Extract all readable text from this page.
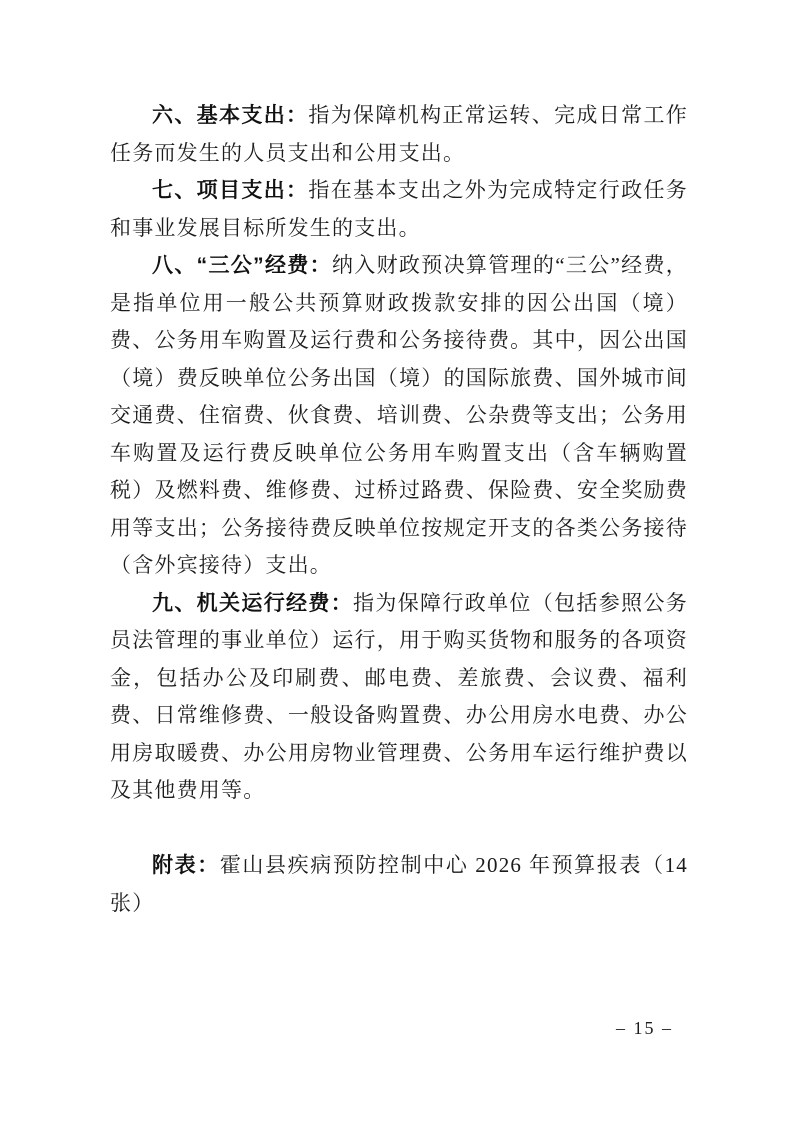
六、基本支出：指为保障机构正常运转、完成日常工作任务而发生的人员支出和公用支出。

七、项目支出：指在基本支出之外为完成特定行政任务和事业发展目标所发生的支出。

八、“三公”经费：纳入财政预决算管理的“三公”经费，是指单位用一般公共预算财政拨款安排的因公出国（境）费、公务用车购置及运行费和公务接待费。其中，因公出国（境）费反映单位公务出国（境）的国际旅费、国外城市间交通费、住宿费、伙食费、培训费、公杂费等支出；公务用车购置及运行费反映单位公务用车购置支出（含车辆购置税）及燃料费、维修费、过桥过路费、保险费、安全奖励费用等支出；公务接待费反映单位按规定开支的各类公务接待（含外宾接待）支出。

九、机关运行经费：指为保障行政单位（包括参照公务员法管理的事业单位）运行，用于购买货物和服务的各项资金，包括办公及印刷费、邮电费、差旅费、会议费、福利费、日常维修费、一般设备购置费、办公用房水电费、办公用房取暖费、办公用房物业管理费、公务用车运行维护费以及其他费用等。

附表：霍山县疾病预防控制中心 2026 年预算报表（14 张）

– 15 –
